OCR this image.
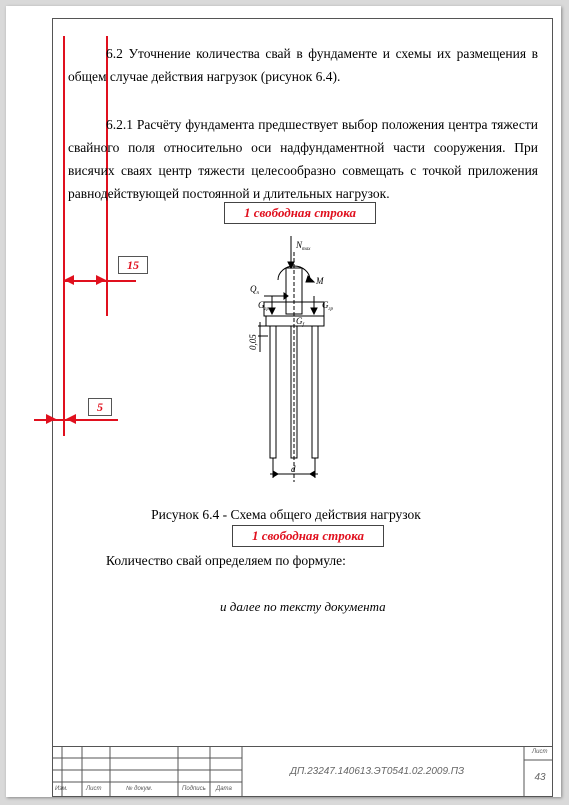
15
5
6.2 Уточнение количества свай в фундаменте и схемы их размещения в общем случае действия нагрузок (рисунок 6.4).
6.2.1 Расчёту фундамента предшествует выбор положения центра тяжести свайного поля относительно оси надфундаментной части сооружения. При висячих сваях центр тяжести целесообразно совмещать с точкой приложения равнодействующей постоянной и длительных нагрузок.
1 свободная строка
$N_{max}$
M
$Q_n$
$G_{гр}$	$G_{гр}$
$G_f$
0,05
d
Рисунок 6.4 - Схема общего действия нагрузок
1 свободная строка
Количество свай определяем по формуле:
и далее по тексту документа
Изм.	Лист	№ докум.	Подпись Дата
ДП.23247.140613.ЭТ0541.02.2009.ПЗ
Лист
43
